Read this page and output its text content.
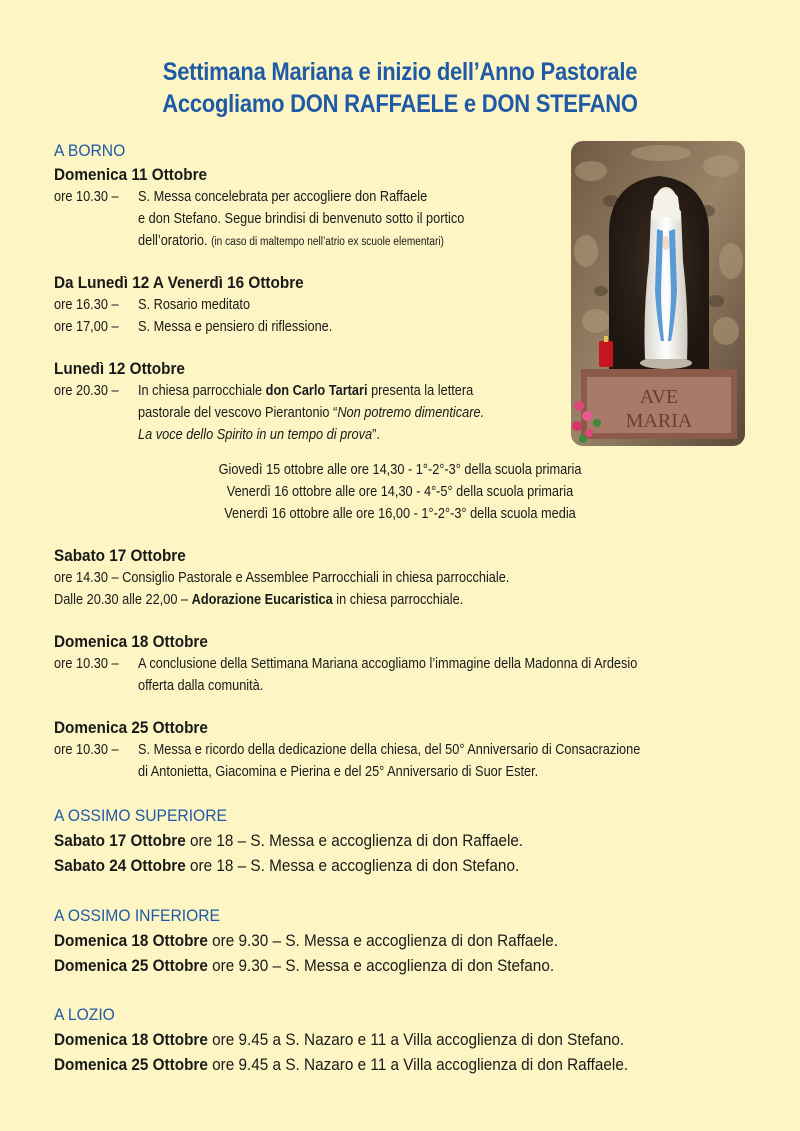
Settimana Mariana e inizio dell’Anno Pastorale
Accogliamo DON RAFFAELE e DON STEFANO
A BORNO
Domenica 11 Ottobre
ore 10.30 – S. Messa concelebrata per accogliere don Raffaele
e don Stefano. Segue brindisi di benvenuto sotto il portico
dell’oratorio. (in caso di maltempo nell’atrio ex scuole elementari)
Da Lunedì 12 A Venerdì 16 Ottobre
ore 16.30 – S. Rosario meditato
ore 17,00 – S. Messa e pensiero di riflessione.
Lunedì 12 Ottobre
ore 20.30 – In chiesa parrocchiale don Carlo Tartari presenta la lettera
pastorale del vescovo Pierantonio “Non potremo dimenticare.
La voce dello Spirito in un tempo di prova”.
Giovedì 15 ottobre alle ore 14,30 - 1°-2°-3° della scuola primaria
Venerdì 16 ottobre alle ore 14,30 - 4°-5° della scuola primaria
Venerdì 16 ottobre alle ore 16,00 - 1°-2°-3° della scuola media
Sabato 17 Ottobre
ore 14.30 – Consiglio Pastorale e Assemblee Parrocchiali in chiesa parrocchiale.
Dalle 20.30 alle 22,00 – Adorazione Eucaristica in chiesa parrocchiale.
Domenica 18 Ottobre
ore 10.30 – A conclusione della Settimana Mariana accogliamo l’immagine della Madonna di Ardesio
offerta dalla comunità.
Domenica 25 Ottobre
ore 10.30 – S. Messa e ricordo della dedicazione della chiesa, del 50° Anniversario di Consacrazione
di Antonietta, Giacomina e Pierina e del 25° Anniversario di Suor Ester.
A OSSIMO SUPERIORE
Sabato 17 Ottobre ore 18 – S. Messa e accoglienza di don Raffaele.
Sabato 24 Ottobre ore 18 – S. Messa e accoglienza di don Stefano.
A OSSIMO INFERIORE
Domenica 18 Ottobre ore 9.30 – S. Messa e accoglienza di don Raffaele.
Domenica 25 Ottobre ore 9.30 – S. Messa e accoglienza di don Stefano.
A LOZIO
Domenica 18 Ottobre ore 9.45 a S. Nazaro e 11 a Villa accoglienza di don Stefano.
Domenica 25 Ottobre ore 9.45 a S. Nazaro e 11 a Villa accoglienza di don Raffaele.
AVE
MARIA
